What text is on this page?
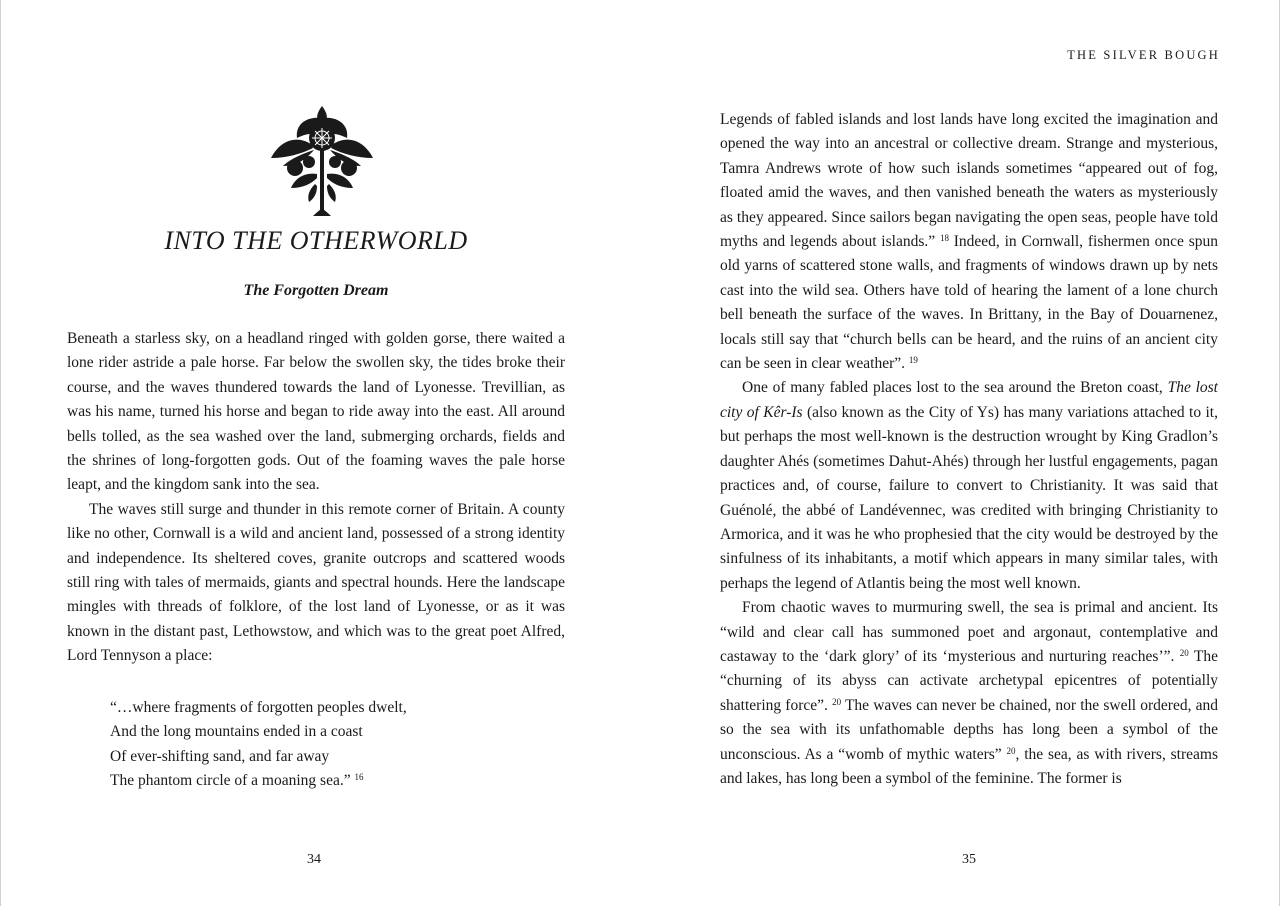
INTO THE OTHERWORLD
The Forgotten Dream

Beneath a starless sky, on a headland ringed with golden gorse, there waited a lone rider astride a pale horse. Far below the swollen sky, the tides broke their course, and the waves thundered towards the land of Lyonesse. Trevillian, as was his name, turned his horse and began to ride away into the east. All around bells tolled, as the sea washed over the land, submerging orchards, fields and the shrines of long-forgotten gods. Out of the foaming waves the pale horse leapt, and the kingdom sank into the sea.

The waves still surge and thunder in this remote corner of Britain. A county like no other, Cornwall is a wild and ancient land, possessed of a strong identity and independence. Its sheltered coves, granite outcrops and scattered woods still ring with tales of mermaids, giants and spectral hounds. Here the landscape mingles with threads of folklore, of the lost land of Lyonesse, or as it was known in the distant past, Lethowstow, and which was to the great poet Alfred, Lord Tennyson a place:

“…where fragments of forgotten peoples dwelt,
And the long mountains ended in a coast
Of ever-shifting sand, and far away
The phantom circle of a moaning sea.” $^{16}$
34
THE SILVER BOUGH

Legends of fabled islands and lost lands have long excited the imagination and opened the way into an ancestral or collective dream. Strange and mysterious, Tamra Andrews wrote of how such islands sometimes “appeared out of fog, floated amid the waves, and then vanished beneath the waters as mysteriously as they appeared. Since sailors began navigating the open seas, people have told myths and legends about islands.” $^{18}$ Indeed, in Cornwall, fishermen once spun old yarns of scattered stone walls, and fragments of windows drawn up by nets cast into the wild sea. Others have told of hearing the lament of a lone church bell beneath the surface of the waves. In Brittany, in the Bay of Douarnenez, locals still say that “church bells can be heard, and the ruins of an ancient city can be seen in clear weather”. $^{19}$

One of many fabled places lost to the sea around the Breton coast, The lost city of Kêr-Is (also known as the City of Ys) has many variations attached to it, but perhaps the most well-known is the destruction wrought by King Gradlon’s daughter Ahés (sometimes Dahut-Ahés) through her lustful engagements, pagan practices and, of course, failure to convert to Christianity. It was said that Guénolé, the abbé of Landévennec, was credited with bringing Christianity to Armorica, and it was he who prophesied that the city would be destroyed by the sinfulness of its inhabitants, a motif which appears in many similar tales, with perhaps the legend of Atlantis being the most well known.

From chaotic waves to murmuring swell, the sea is primal and ancient. Its “wild and clear call has summoned poet and argonaut, contemplative and castaway to the ‘dark glory’ of its ‘mysterious and nurturing reaches’”. $^{20}$ The “churning of its abyss can activate archetypal epicentres of potentially shattering force”. $^{20}$ The waves can never be chained, nor the swell ordered, and so the sea with its unfathomable depths has long been a symbol of the unconscious. As a “womb of mythic waters” $^{20}$, the sea, as with rivers, streams and lakes, has long been a symbol of the feminine. The former is

35
